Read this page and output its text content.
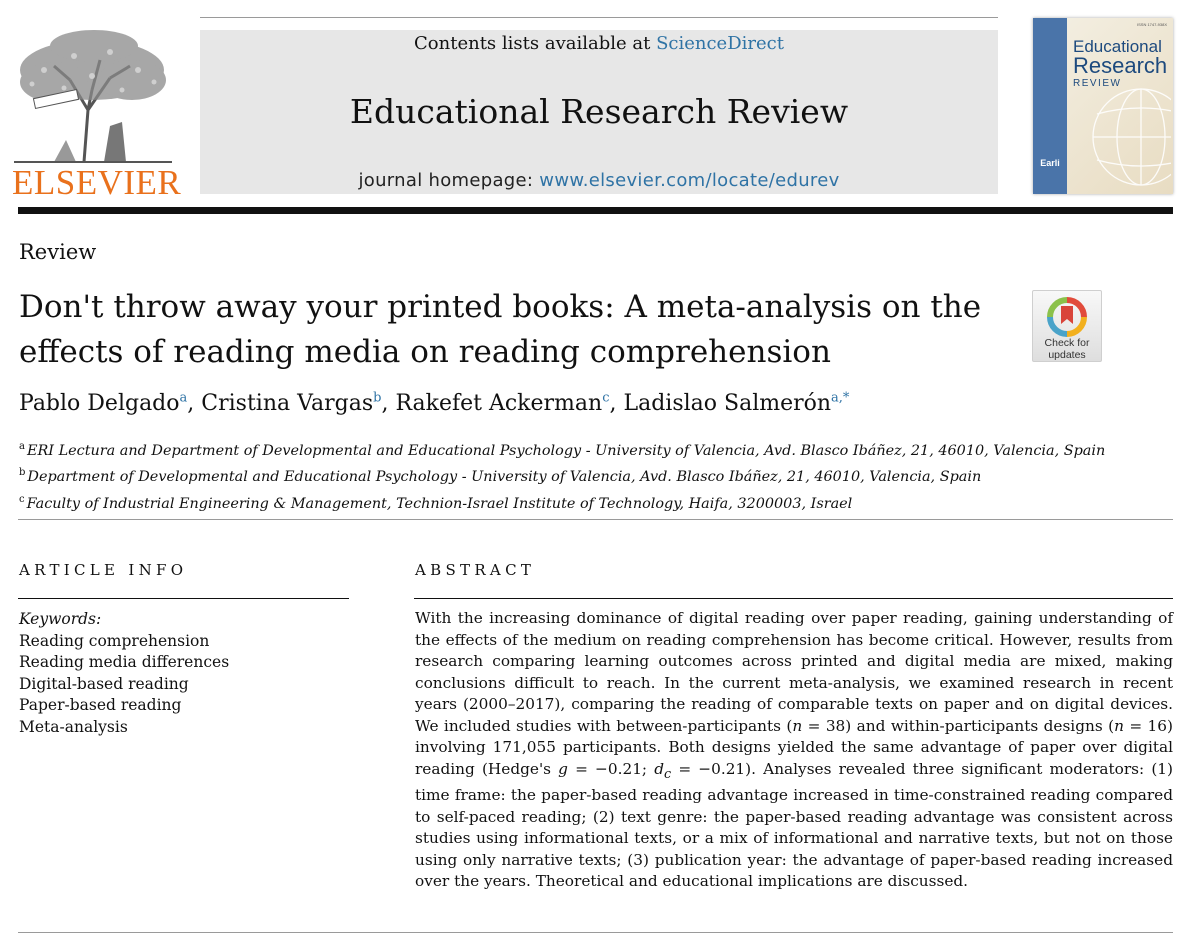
ELSEVIER
Contents lists available at ScienceDirect
Educational Research Review
journal homepage: www.elsevier.com/locate/edurev
ISSN 1747-938X
Educational
Research
REVIEW
Earli
Review
Don't throw away your printed books: A meta-analysis on the effects of reading media on reading comprehension	Check for
updates
Pablo Delgado$^a$, Cristina Vargas$^b$, Rakefet Ackerman$^c$, Ladislao Salmerón$^{a,*}$
$^a$ ERI Lectura and Department of Developmental and Educational Psychology - University of Valencia, Avd. Blasco Ibáñez, 21, 46010, Valencia, Spain
$^b$ Department of Developmental and Educational Psychology - University of Valencia, Avd. Blasco Ibáñez, 21, 46010, Valencia, Spain
$^c$ Faculty of Industrial Engineering & Management, Technion-Israel Institute of Technology, Haifa, 3200003, Israel
ARTICLE INFO
Keywords:
Reading comprehension
Reading media differences
Digital-based reading
Paper-based reading
Meta-analysis
ABSTRACT
With the increasing dominance of digital reading over paper reading, gaining understanding of the effects of the medium on reading comprehension has become critical. However, results from research comparing learning outcomes across printed and digital media are mixed, making conclusions difficult to reach. In the current meta-analysis, we examined research in recent years (2000–2017), comparing the reading of comparable texts on paper and on digital devices. We included studies with between-participants (n = 38) and within-participants designs (n = 16) involving 171,055 participants. Both designs yielded the same advantage of paper over digital reading (Hedge's g = −0.21; $d_c = -0.21$). Analyses revealed three significant moderators: (1) time frame: the paper-based reading advantage increased in time-constrained reading compared to self-paced reading; (2) text genre: the paper-based reading advantage was consistent across studies using informational texts, or a mix of informational and narrative texts, but not on those using only narrative texts; (3) publication year: the advantage of paper-based reading increased over the years. Theoretical and educational implications are discussed.
